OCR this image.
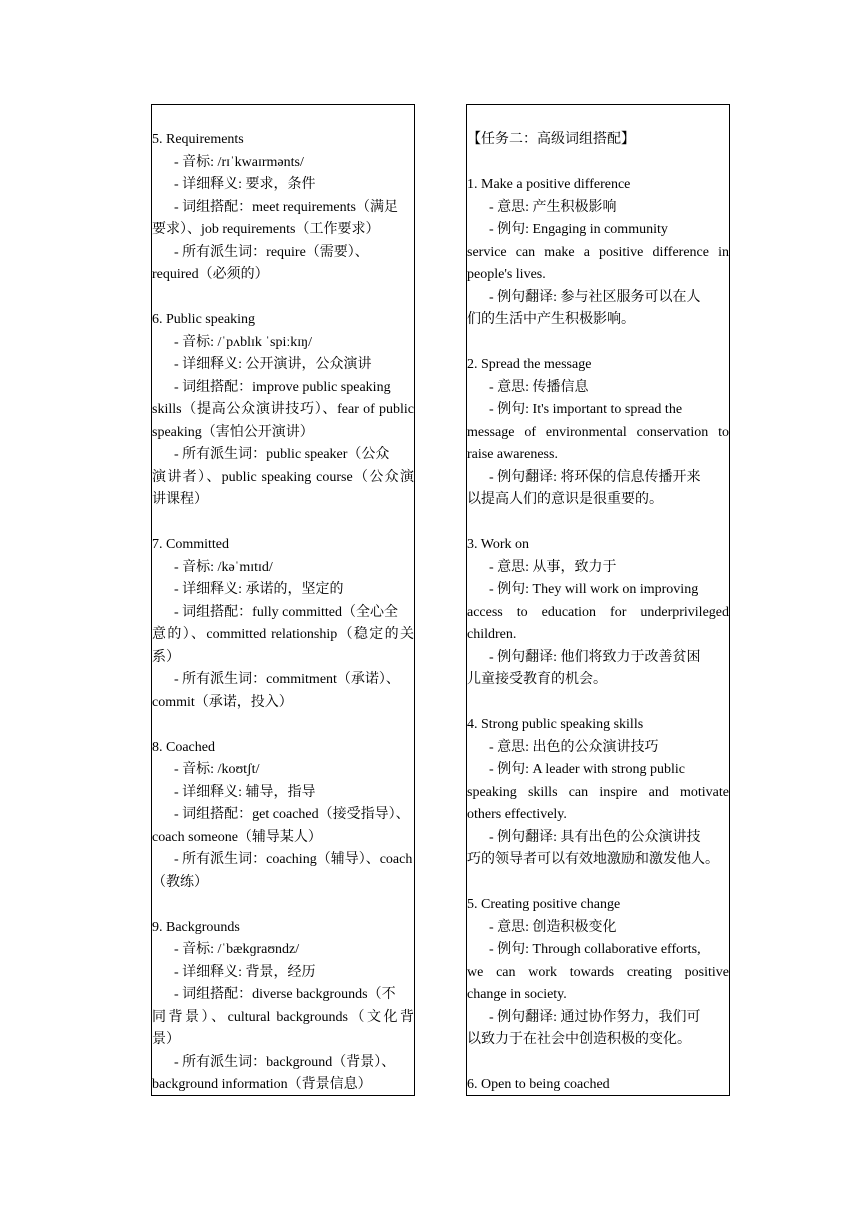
5. Requirements
- 音标: /rɪˈkwaɪrmənts/
- 详细释义: 要求，条件
- 词组搭配：meet requirements（满足
要求）、job requirements（工作要求）
- 所有派生词：require（需要）、
required（必须的）
6. Public speaking
- 音标: /ˈpʌblɪk ˈspiːkɪŋ/
- 详细释义: 公开演讲，公众演讲
- 词组搭配：improve public speaking
skills（提高公众演讲技巧）、fear of public
speaking（害怕公开演讲）
- 所有派生词：public speaker（公众
演讲者）、public speaking course（公众演
讲课程）
7. Committed
- 音标: /kəˈmɪtɪd/
- 详细释义: 承诺的，坚定的
- 词组搭配：fully committed（全心全
意的）、committed relationship（稳定的关
系）
- 所有派生词：commitment（承诺）、
commit（承诺，投入）
8. Coached
- 音标: /koʊtʃt/
- 详细释义: 辅导，指导
- 词组搭配：get coached（接受指导）、
coach someone（辅导某人）
- 所有派生词：coaching（辅导）、coach
（教练）
9. Backgrounds
- 音标: /ˈbækɡraʊndz/
- 详细释义: 背景，经历
- 词组搭配：diverse backgrounds（不
同背景）、cultural backgrounds（文化背
景）
- 所有派生词：background（背景）、
background information（背景信息）
【任务二：高级词组搭配】
1. Make a positive difference
- 意思: 产生积极影响
- 例句: Engaging in community
service can make a positive difference in
people's lives.
- 例句翻译: 参与社区服务可以在人
们的生活中产生积极影响。
2. Spread the message
- 意思: 传播信息
- 例句: It's important to spread the
message of environmental conservation to
raise awareness.
- 例句翻译: 将环保的信息传播开来
以提高人们的意识是很重要的。
3. Work on
- 意思: 从事，致力于
- 例句: They will work on improving
access to education for underprivileged
children.
- 例句翻译: 他们将致力于改善贫困
儿童接受教育的机会。
4. Strong public speaking skills
- 意思: 出色的公众演讲技巧
- 例句: A leader with strong public
speaking skills can inspire and motivate
others effectively.
- 例句翻译: 具有出色的公众演讲技
巧的领导者可以有效地激励和激发他人。
5. Creating positive change
- 意思: 创造积极变化
- 例句: Through collaborative efforts,
we can work towards creating positive
change in society.
- 例句翻译: 通过协作努力，我们可
以致力于在社会中创造积极的变化。
6. Open to being coached
